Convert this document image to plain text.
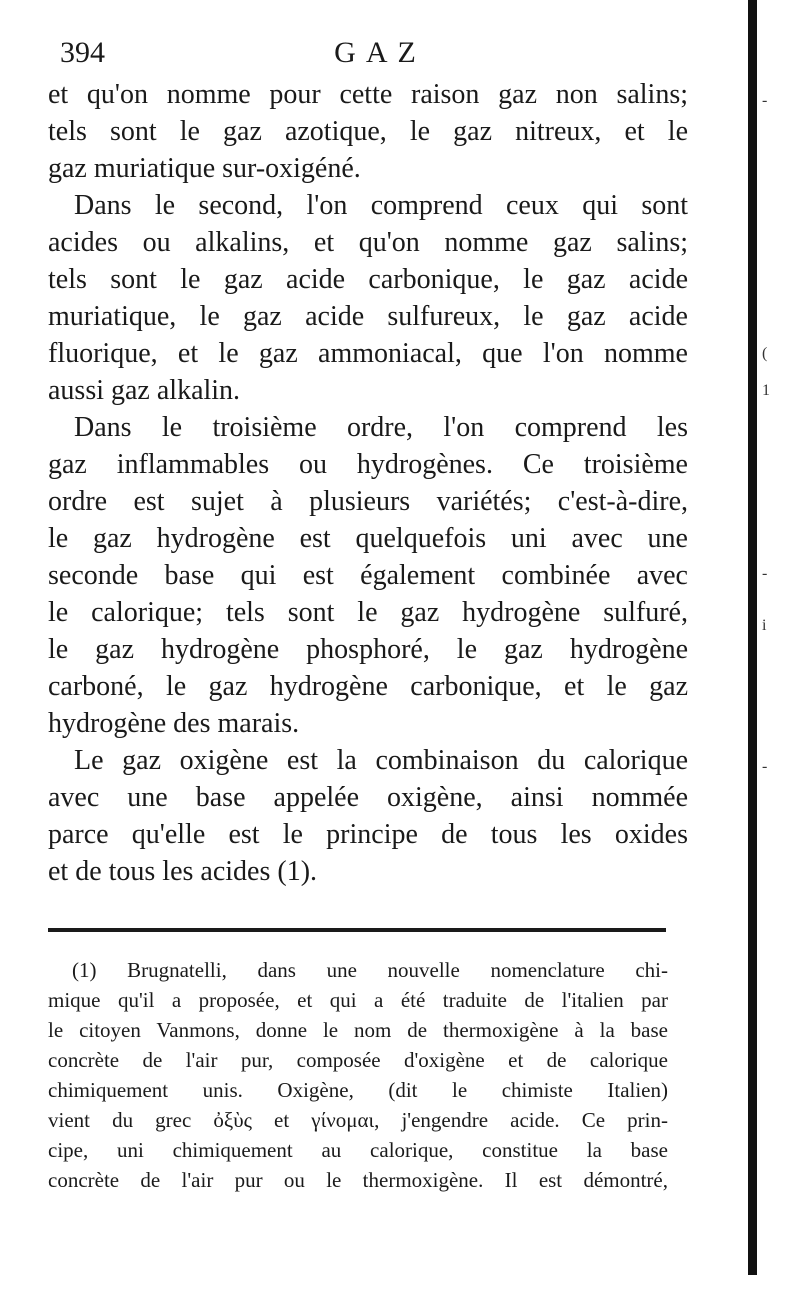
394	GAZ
et qu'on nomme pour cette raison gaz non salins;
tels sont le gaz azotique, le gaz nitreux, et le
gaz muriatique sur-oxigéné.
Dans le second, l'on comprend ceux qui sont
acides ou alkalins, et qu'on nomme gaz salins;
tels sont le gaz acide carbonique, le gaz acide
muriatique, le gaz acide sulfureux, le gaz acide
fluorique, et le gaz ammoniacal, que l'on nomme
aussi gaz alkalin.
Dans le troisième ordre, l'on comprend les
gaz inflammables ou hydrogènes. Ce troisième
ordre est sujet à plusieurs variétés; c'est-à-dire,
le gaz hydrogène est quelquefois uni avec une
seconde base qui est également combinée avec
le calorique; tels sont le gaz hydrogène sulfuré,
le gaz hydrogène phosphoré, le gaz hydrogène
carboné, le gaz hydrogène carbonique, et le gaz
hydrogène des marais.
Le gaz oxigène est la combinaison du calorique
avec une base appelée oxigène, ainsi nommée
parce qu'elle est le principe de tous les oxides
et de tous les acides (1).
(1) Brugnatelli, dans une nouvelle nomenclature chi-
mique qu'il a proposée, et qui a été traduite de l'italien par
le citoyen Vanmons, donne le nom de thermoxigène à la base
concrète de l'air pur, composée d'oxigène et de calorique
chimiquement unis. Oxigène, (dit le chimiste Italien)
vient du grec ὀξὺς et γίνομαι, j'engendre acide. Ce prin-
cipe, uni chimiquement au calorique, constitue la base
concrète de l'air pur ou le thermoxigène. Il est démontré,
-
(
1
-
i
-
